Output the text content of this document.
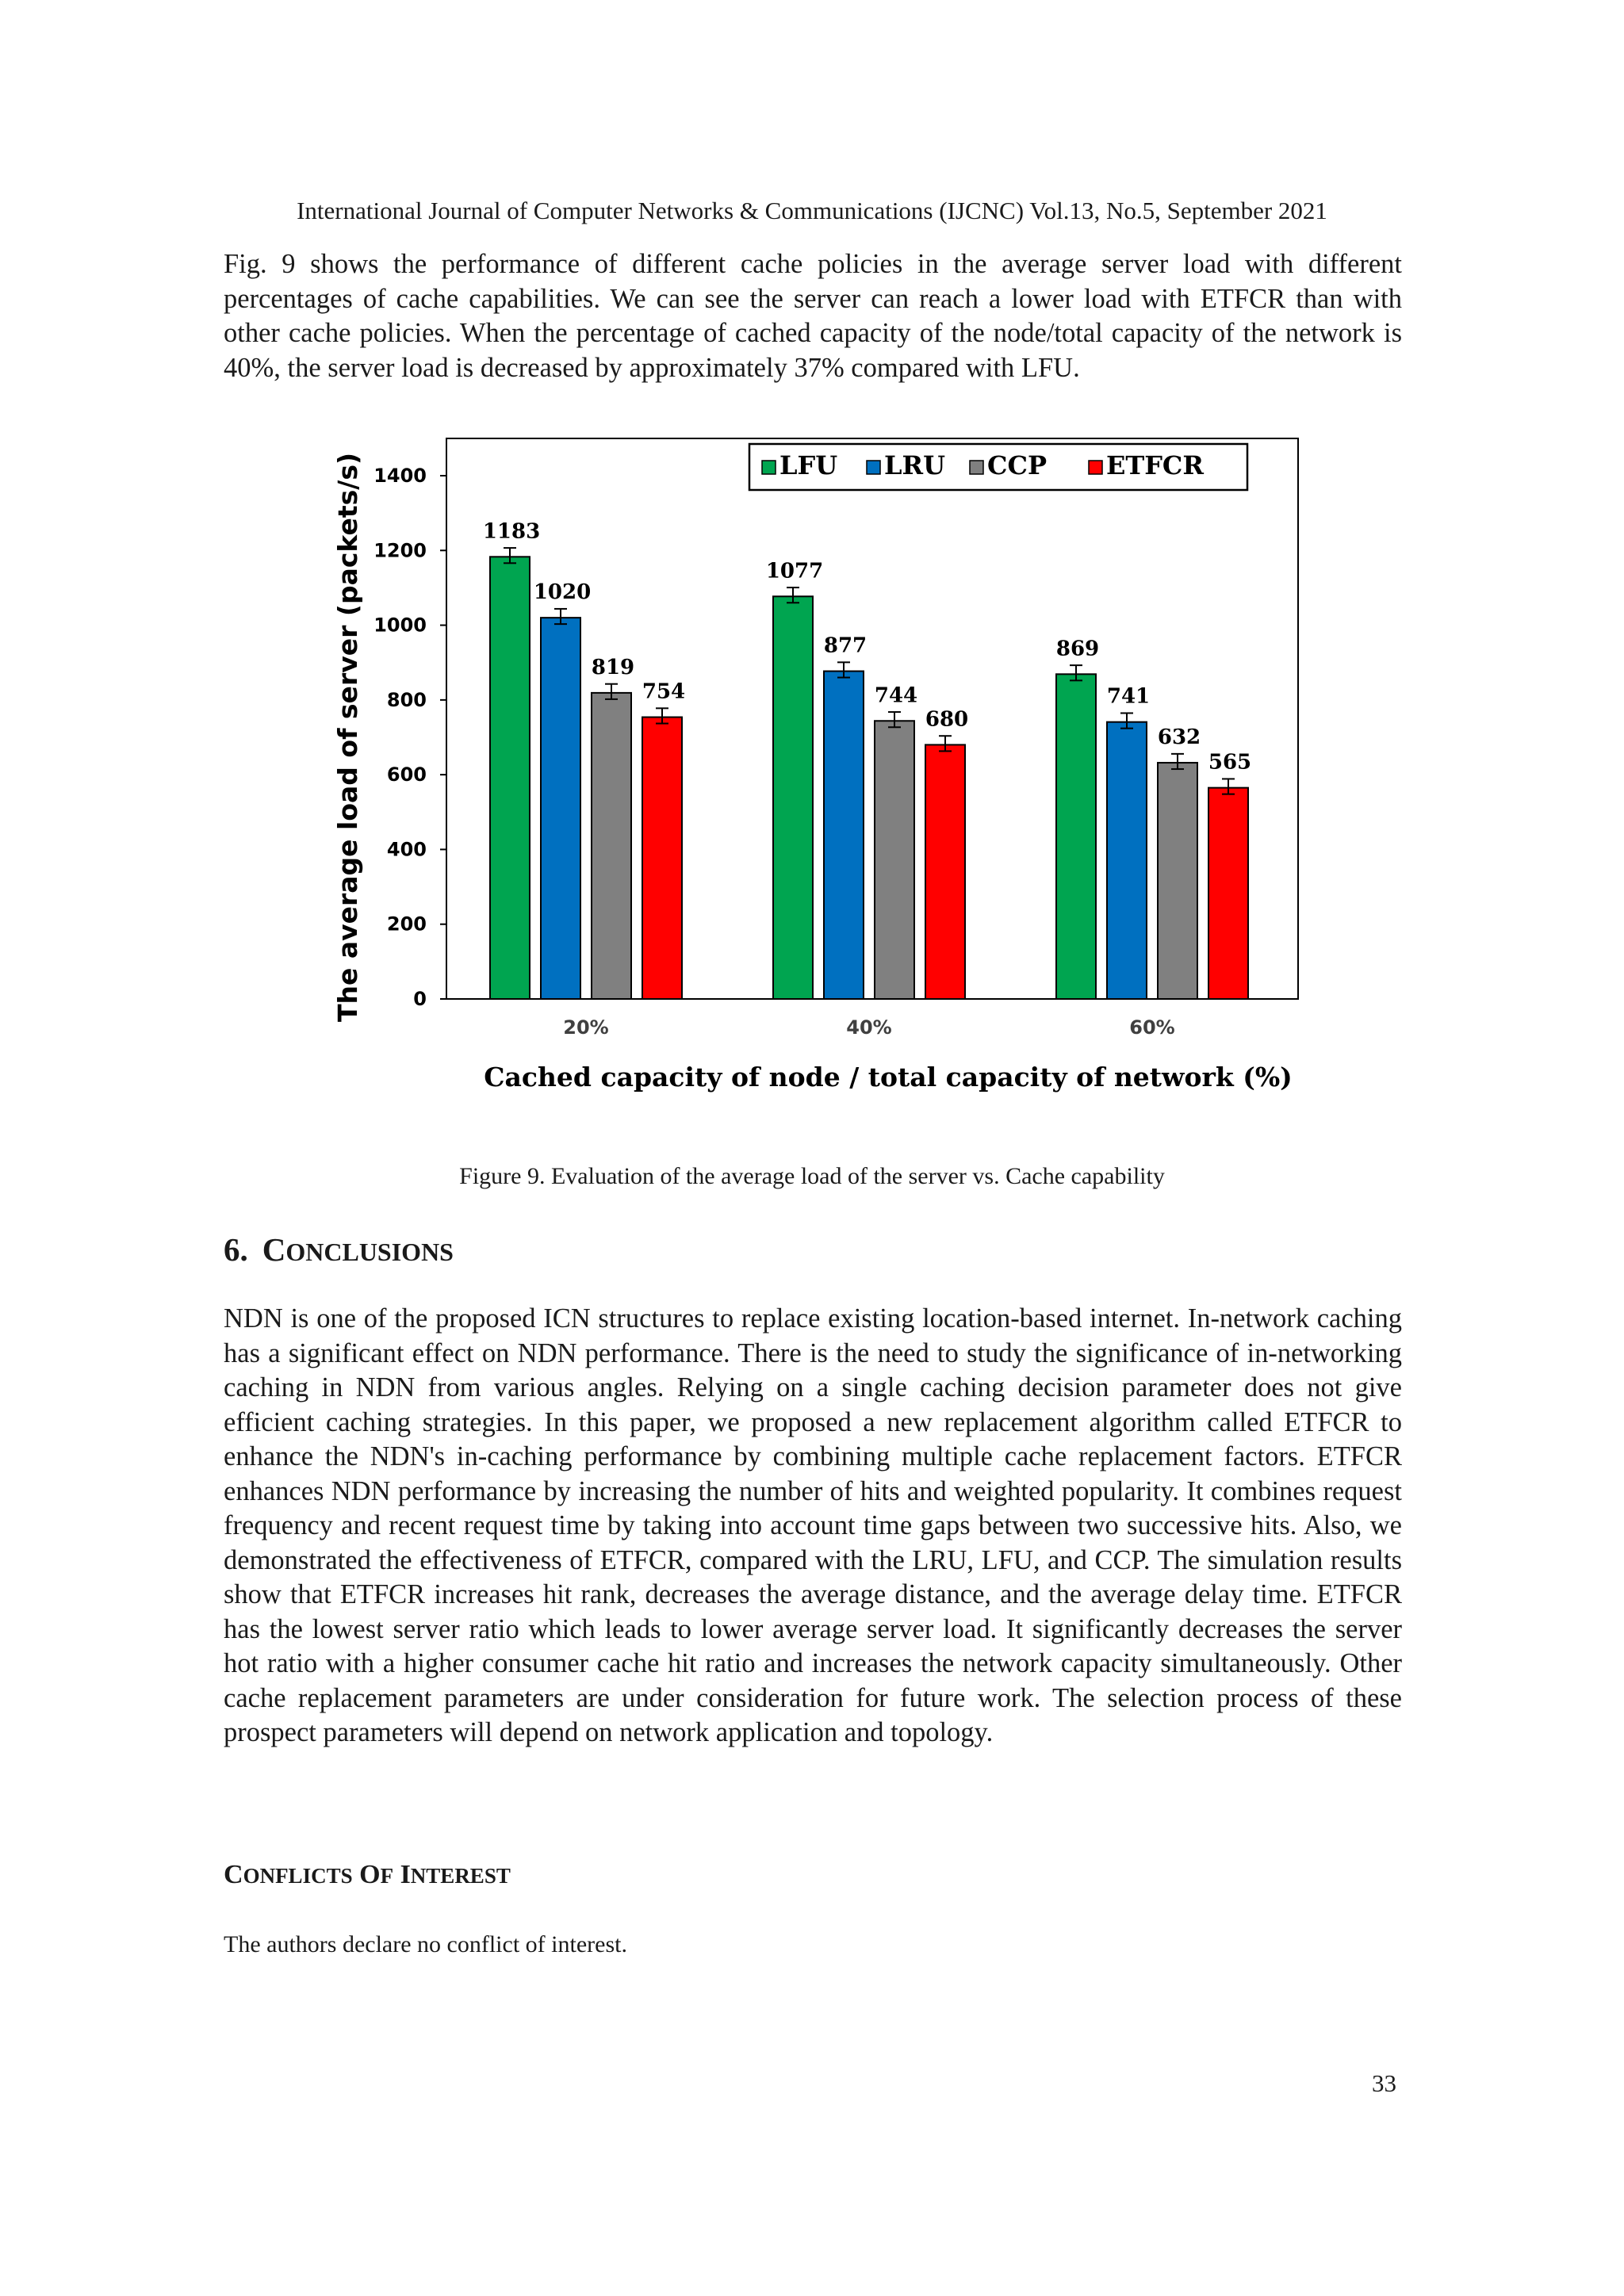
International Journal of Computer Networks & Communications (IJCNC) Vol.13, No.5, September 2021

Fig. 9 shows the performance of different cache policies in the average server load with different percentages of cache capabilities. We can see the server can reach a lower load with ETFCR than with other cache policies. When the percentage of cached capacity of the node/total capacity of the network is 40%, the server load is decreased by approximately 37% compared with LFU.

0
200
400
600
800
1000
1200
1400
The average load of server (packets/s)	1183
1020
819
754
20%
1077
877
744
680
40%
869
741
632
565
60%
Cached capacity of node / total capacity of network (%)
LFU LRU CCP ETFCR
Figure 9. Evaluation of the average load of the server vs. Cache capability
6. CONCLUSIONS

NDN is one of the proposed ICN structures to replace existing location-based internet. In-network caching has a significant effect on NDN performance. There is the need to study the significance of in-networking caching in NDN from various angles. Relying on a single caching decision parameter does not give efficient caching strategies. In this paper, we proposed a new replacement algorithm called ETFCR to enhance the NDN's in-caching performance by combining multiple cache replacement factors. ETFCR enhances NDN performance by increasing the number of hits and weighted popularity. It combines request frequency and recent request time by taking into account time gaps between two successive hits. Also, we demonstrated the effectiveness of ETFCR, compared with the LRU, LFU, and CCP. The simulation results show that ETFCR increases hit rank, decreases the average distance, and the average delay time. ETFCR has the lowest server ratio which leads to lower average server load. It significantly decreases the server hot ratio with a higher consumer cache hit ratio and increases the network capacity simultaneously. Other cache replacement parameters are under consideration for future work. The selection process of these prospect parameters will depend on network application and topology.

CONFLICTS OF INTEREST

The authors declare no conflict of interest.

33
